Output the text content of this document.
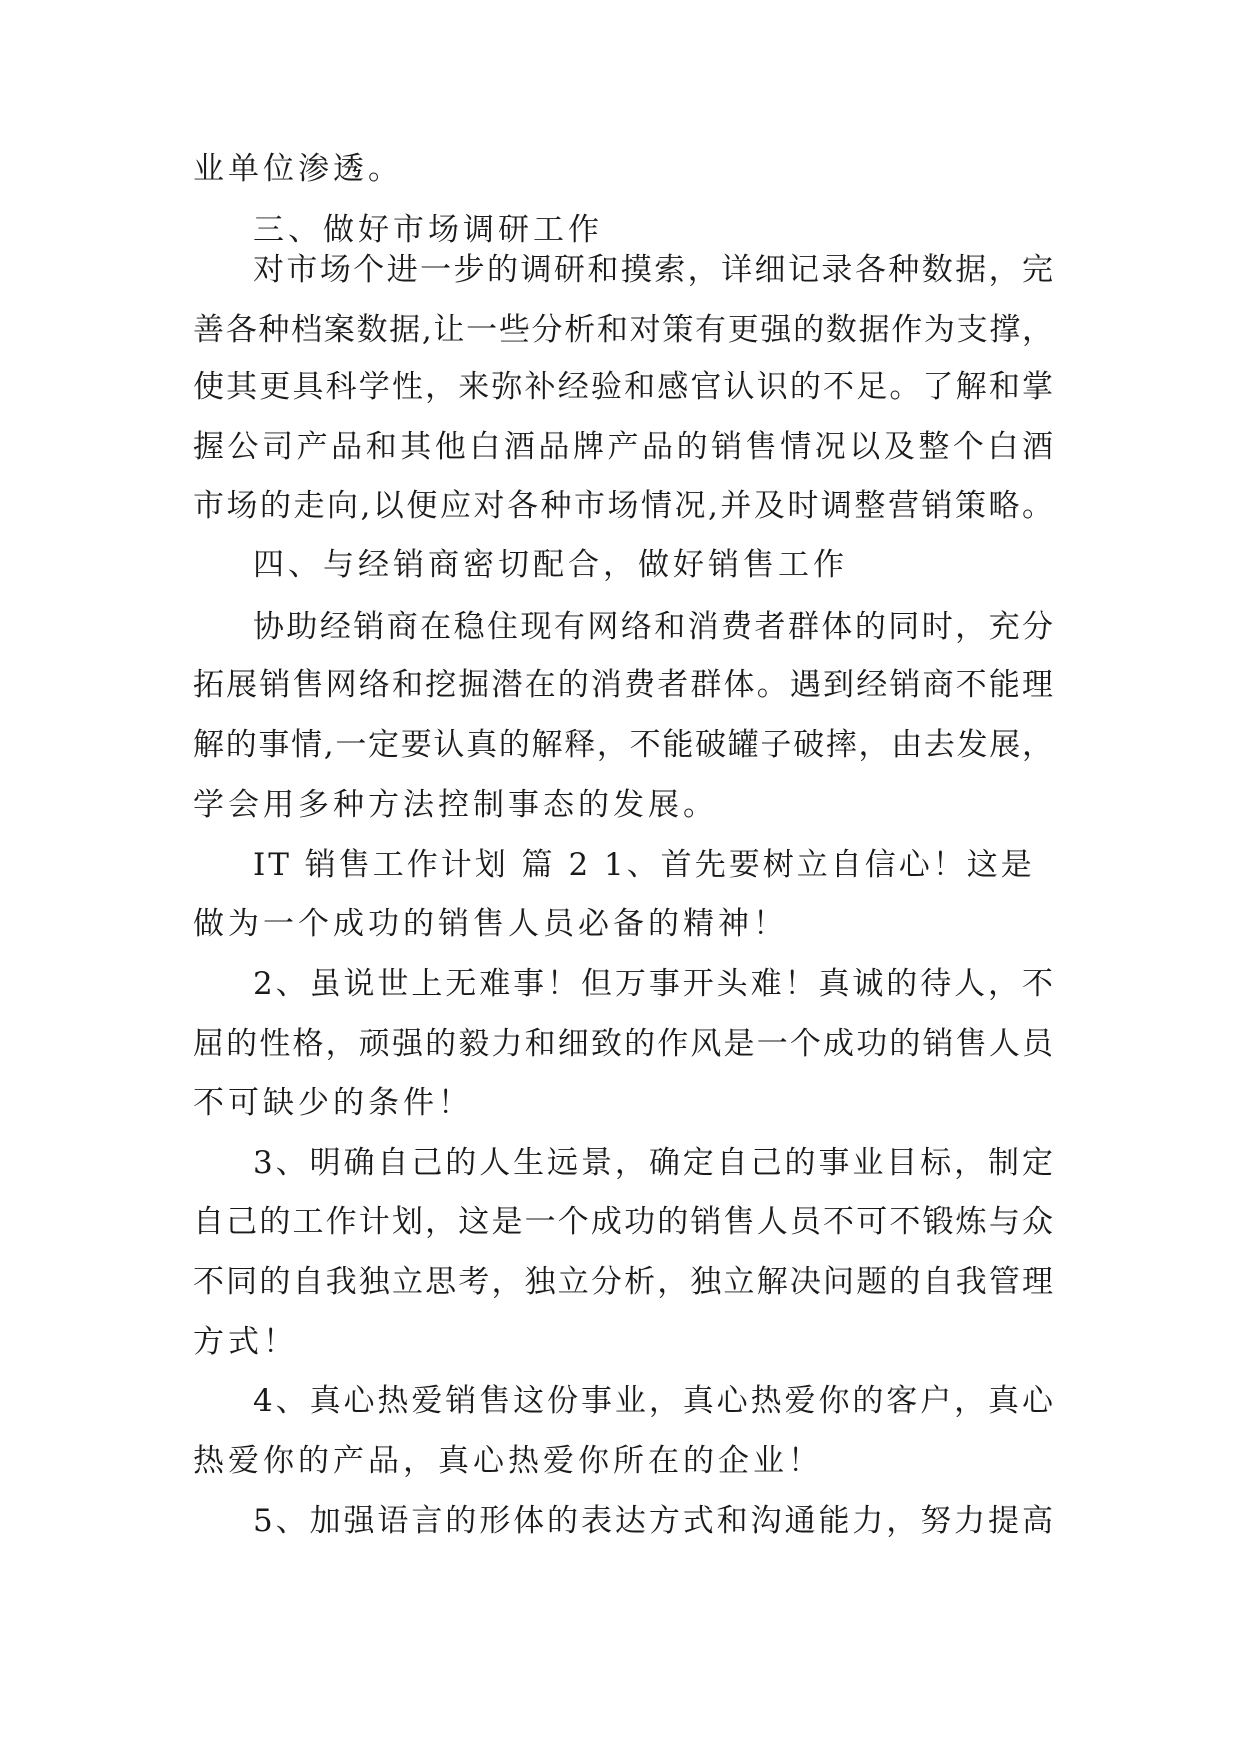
业单位渗透。
三、做好市场调研工作
对市场个进一步的调研和摸索，详细记录各种数据，完
善各种档案数据,让一些分析和对策有更强的数据作为支撑，
使其更具科学性，来弥补经验和感官认识的不足。了解和掌
握公司产品和其他白酒品牌产品的销售情况以及整个白酒
市场的走向,以便应对各种市场情况,并及时调整营销策略。
四、与经销商密切配合，做好销售工作
协助经销商在稳住现有网络和消费者群体的同时，充分
拓展销售网络和挖掘潜在的消费者群体。遇到经销商不能理
解的事情,一定要认真的解释，不能破罐子破摔，由去发展，
学会用多种方法控制事态的发展。
IT 销售工作计划 篇 2 1、首先要树立自信心！这是
做为一个成功的销售人员必备的精神！
2、虽说世上无难事！但万事开头难！真诚的待人，不
屈的性格，顽强的毅力和细致的作风是一个成功的销售人员
不可缺少的条件！
3、明确自己的人生远景，确定自己的事业目标，制定
自己的工作计划，这是一个成功的销售人员不可不锻炼与众
不同的自我独立思考，独立分析，独立解决问题的自我管理
方式！
4、真心热爱销售这份事业，真心热爱你的客户，真心
热爱你的产品，真心热爱你所在的企业！
5、加强语言的形体的表达方式和沟通能力，努力提高
